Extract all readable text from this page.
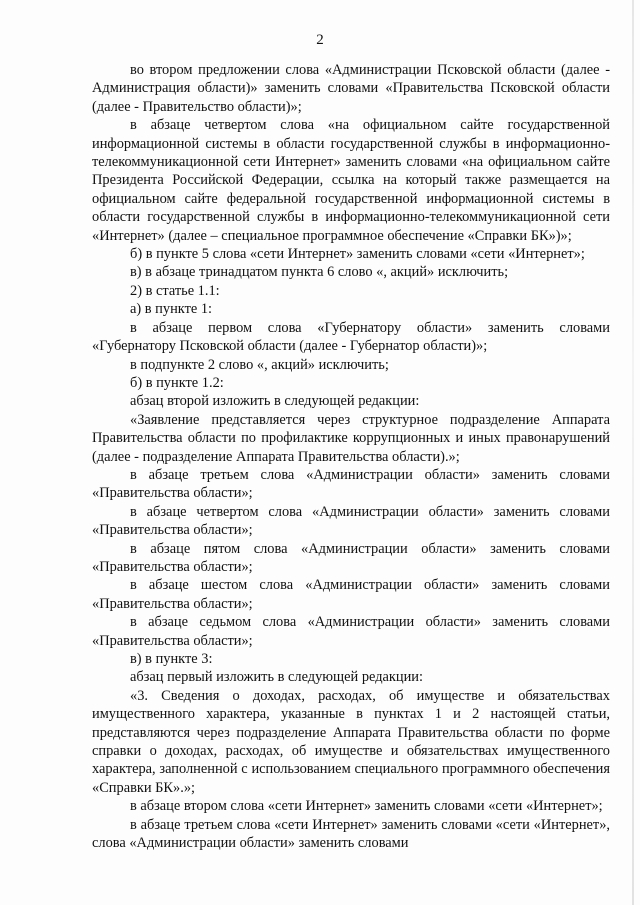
2

во втором предложении слова «Администрации Псковской области (далее - Администрация области)» заменить словами «Правительства Псковской области (далее - Правительство области)»;

в абзаце четвертом слова «на официальном сайте государственной информационной системы в области государственной службы в информационно-телекоммуникационной сети Интернет» заменить словами «на официальном сайте Президента Российской Федерации, ссылка на который также размещается на официальном сайте федеральной государственной информационной системы в области государственной службы в информационно-телекоммуникационной сети «Интернет» (далее – специальное программное обеспечение «Справки БК»)»;

б) в пункте 5 слова «сети Интернет» заменить словами «сети «Интернет»;

в) в абзаце тринадцатом пункта 6 слово «, акций» исключить;

2) в статье 1.1:

а) в пункте 1:

в абзаце первом слова «Губернатору области» заменить словами «Губернатору Псковской области (далее - Губернатор области)»;

в подпункте 2 слово «, акций» исключить;

б) в пункте 1.2:

абзац второй изложить в следующей редакции:

«Заявление представляется через структурное подразделение Аппарата Правительства области по профилактике коррупционных и иных правонарушений (далее - подразделение Аппарата Правительства области).»;

в абзаце третьем слова «Администрации области» заменить словами «Правительства области»;

в абзаце четвертом слова «Администрации области» заменить словами «Правительства области»;

в абзаце пятом слова «Администрации области» заменить словами «Правительства области»;

в абзаце шестом слова «Администрации области» заменить словами «Правительства области»;

в абзаце седьмом слова «Администрации области» заменить словами «Правительства области»;

в) в пункте 3:

абзац первый изложить в следующей редакции:

«3. Сведения о доходах, расходах, об имуществе и обязательствах имущественного характера, указанные в пунктах 1 и 2 настоящей статьи, представляются через подразделение Аппарата Правительства области по форме справки о доходах, расходах, об имуществе и обязательствах имущественного характера, заполненной с использованием специального программного обеспечения «Справки БК».»;

в абзаце втором слова «сети Интернет» заменить словами «сети «Интернет»;

в абзаце третьем слова «сети Интернет» заменить словами «сети «Интернет», слова «Администрации области» заменить словами
